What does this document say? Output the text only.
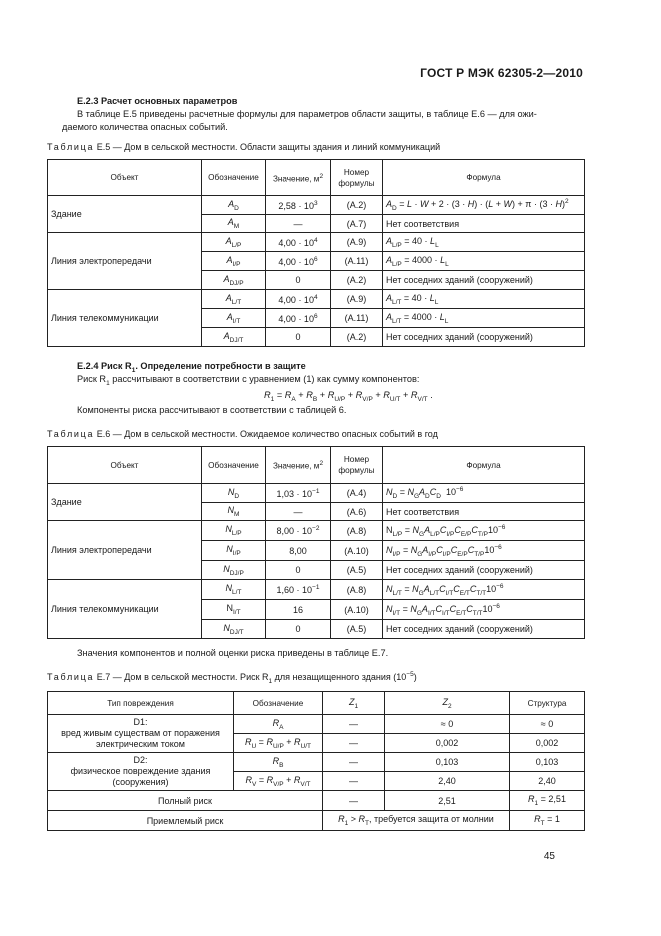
ГОСТ Р МЭК 62305-2—2010
E.2.3 Расчет основных параметров
В таблице Е.5 приведены расчетные формулы для параметров области защиты, в таблице Е.6 — для ожи-
даемого количества опасных событий.
Таблица Е.5 — Дом в сельской местности. Области защиты здания и линий коммуникаций
Объект	Обозначение	Значение, $м^2$	Номер формулы	Формула
Здание	$A_D$	$2,58 \cdot 10^3$	(A.2)	$A_D = L \cdot W + 2 \cdot (3 \cdot H) \cdot (L + W) + \pi \cdot (3 \cdot H)^2$
	$A_M$	—	(A.7)	Нет соответствия
Линия электропередачи	$A_{L/P}$	$4,00 \cdot 10^4$	(A.9)	$A_{L/P} = 40 \cdot L_L$
	$A_{I/P}$	$4,00 \cdot 10^6$	(A.11)	$A_{L/P} = 4000 \cdot L_L$
	$A_{DJ/P}$	0	(A.2)	Нет соседних зданий (сооружений)
Линия телекоммуникации	$A_{L/T}$	$4,00 \cdot 10^4$	(A.9)	$A_{L/T} = 40 \cdot L_L$
	$A_{I/T}$	$4,00 \cdot 10^6$	(A.11)	$A_{L/T} = 4000 \cdot L_L$
	$A_{DJ/T}$	0	(A.2)	Нет соседних зданий (сооружений)
E.2.4 Риск $R_1$. Определение потребности в защите
Риск $R_1$ рассчитывают в соответствии с уравнением (1) как сумму компонентов:
$R_1 = R_A + R_B + R_{U/P} + R_{V/P} + R_{U/T} + R_{V/T}$ .
Компоненты риска рассчитывают в соответствии с таблицей 6.
Таблица Е.6 — Дом в сельской местности. Ожидаемое количество опасных событий в год
Объект	Обозначение	Значение, $м^2$	Номер формулы	Формула
Здание	$N_D$	$1,03 \cdot 10^{-1}$	(A.4)	$N_D = N_GA_DC_D$  $10^{-6}$
	$N_M$	—	(A.6)	Нет соответствия
Линия электропередачи	$N_{L/P}$	$8,00 \cdot 10^{-2}$	(A.8)	$N_{L/P} = N_GA_{L/P}C_{I/P}C_{E/P}C_{T/P}10^{-6}$
	$N_{I/P}$	8,00	(A.10)	$N_{I/P} = N_GA_{I/P}C_{I/P}C_{E/P}C_{T/P}10^{-6}$
	$N_{DJ/P}$	0	(A.5)	Нет соседних зданий (сооружений)
Линия телекоммуникации	$N_{L/T}$	$1,60 \cdot 10^{-1}$	(A.8)	$N_{L/T} = N_GA_{L/T}C_{I/T}C_{E/T}C_{T/T}10^{-6}$
	$N_{I/T}$	16	(A.10)	$N_{I/T} = N_GA_{I/T}C_{I/T}C_{E/T}C_{T/T}10^{-6}$
	$N_{DJ/T}$	0	(A.5)	Нет соседних зданий (сооружений)
Значения компонентов и полной оценки риска приведены в таблице Е.7.
Таблица Е.7 — Дом в сельской местности. Риск $R_1$ для незащищенного здания $(10^{-5})$
Тип повреждения	Обозначение	$Z_1$	$Z_2$	Структура

D1:
вред живым существам от поражения электрическим током	$R_A$	—	≈ 0	≈ 0
	$R_U = R_{U/P} + R_{U/T}$	—	0,002	0,002

D2:
физическое повреждение здания (сооружения)	$R_B$	—	0,103	0,103
	$R_V = R_{V/P} + R_{V/T}$	—	2,40	2,40
Полный риск		—	2,51	$R_1 = 2,51$
Приемлемый риск		$R_1 > R_T$, требуется защита от молнии		$R_T = 1$
45
